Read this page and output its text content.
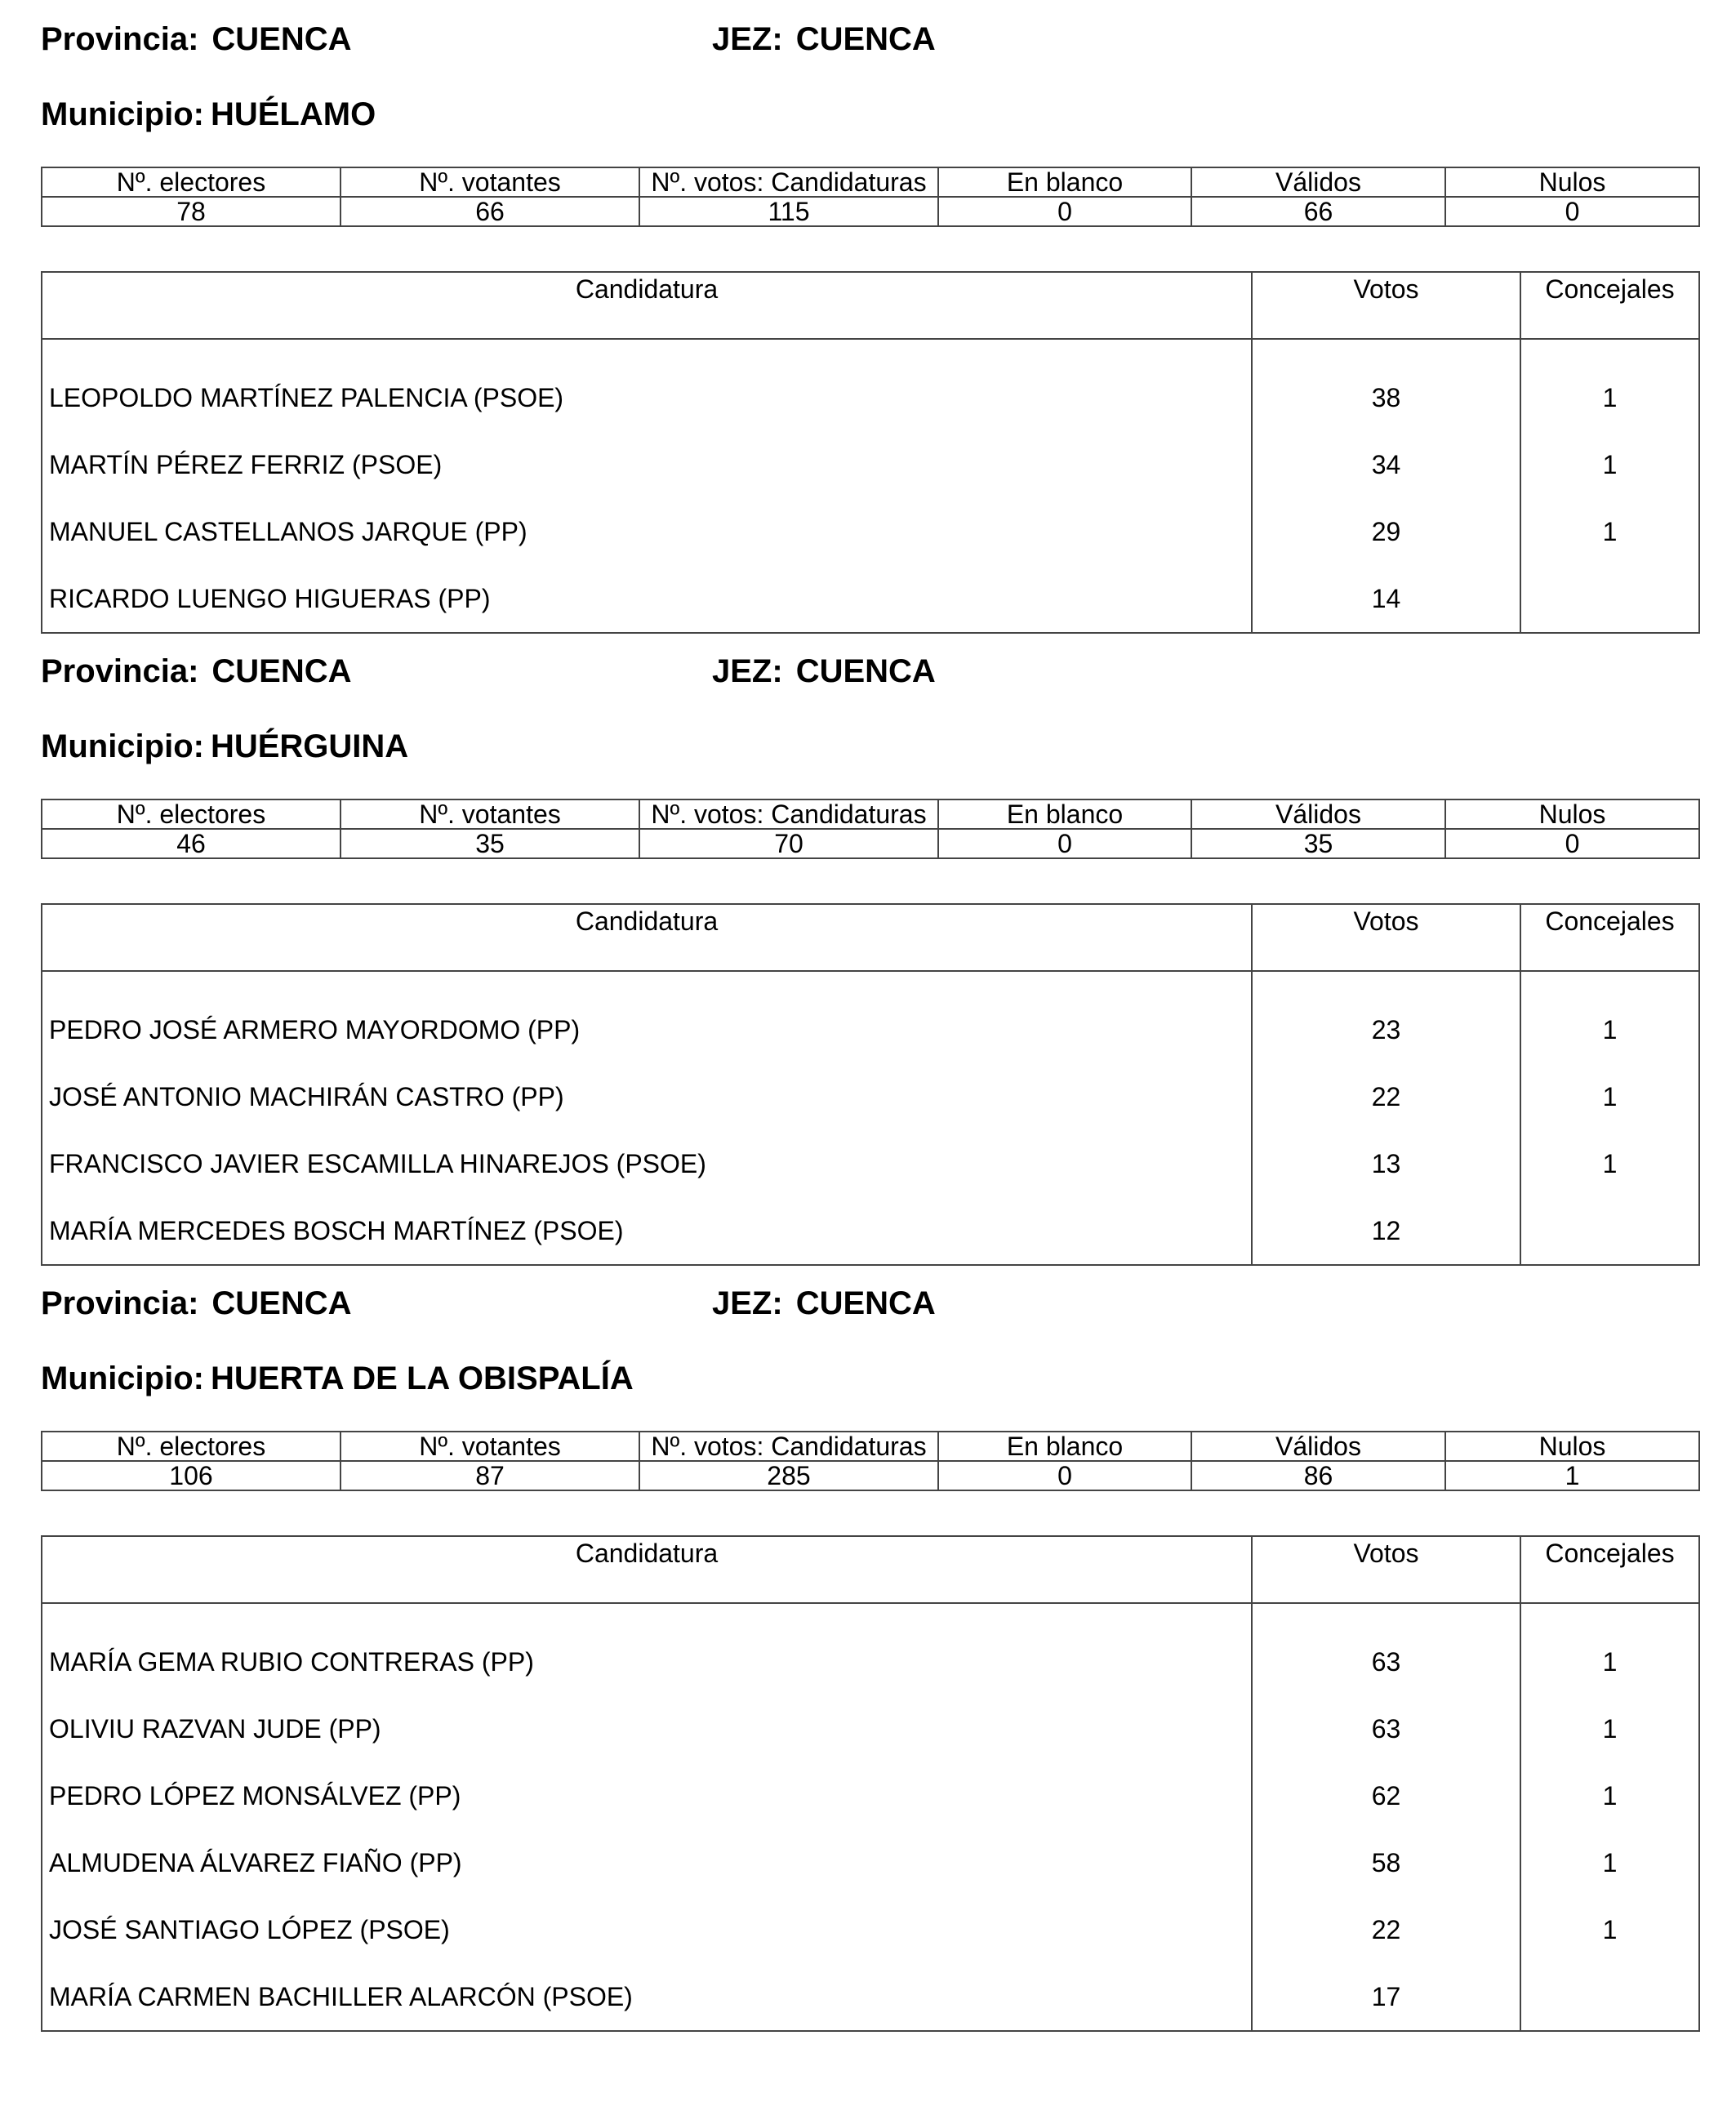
Provincia: CUENCA	JEZ: CUENCA
Municipio: HUÉLAMO
Nº. electores	Nº. votantes	Nº. votos: Candidaturas	En blanco	Válidos	Nulos
78	66	115	0	66	0
Candidatura	Votos	Concejales

LEOPOLDO MARTÍNEZ PALENCIA (PSOE)	38	1
MARTÍN PÉREZ FERRIZ (PSOE)	34	1
MANUEL CASTELLANOS JARQUE (PP)	29	1
RICARDO LUENGO HIGUERAS (PP)	14	
Provincia: CUENCA	JEZ: CUENCA
Municipio: HUÉRGUINA
Nº. electores	Nº. votantes	Nº. votos: Candidaturas	En blanco	Válidos	Nulos
46	35	70	0	35	0
Candidatura	Votos	Concejales

PEDRO JOSÉ ARMERO MAYORDOMO (PP)	23	1
JOSÉ ANTONIO MACHIRÁN CASTRO (PP)	22	1
FRANCISCO JAVIER ESCAMILLA HINAREJOS (PSOE)	13	1
MARÍA MERCEDES BOSCH MARTÍNEZ (PSOE)	12	
Provincia: CUENCA	JEZ: CUENCA
Municipio: HUERTA DE LA OBISPALÍA
Nº. electores	Nº. votantes	Nº. votos: Candidaturas	En blanco	Válidos	Nulos
106	87	285	0	86	1
Candidatura	Votos	Concejales

MARÍA GEMA RUBIO CONTRERAS (PP)	63	1
OLIVIU RAZVAN JUDE (PP)	63	1
PEDRO LÓPEZ MONSÁLVEZ (PP)	62	1
ALMUDENA ÁLVAREZ FIAÑO (PP)	58	1
JOSÉ SANTIAGO LÓPEZ (PSOE)	22	1
MARÍA CARMEN BACHILLER ALARCÓN (PSOE)	17	
